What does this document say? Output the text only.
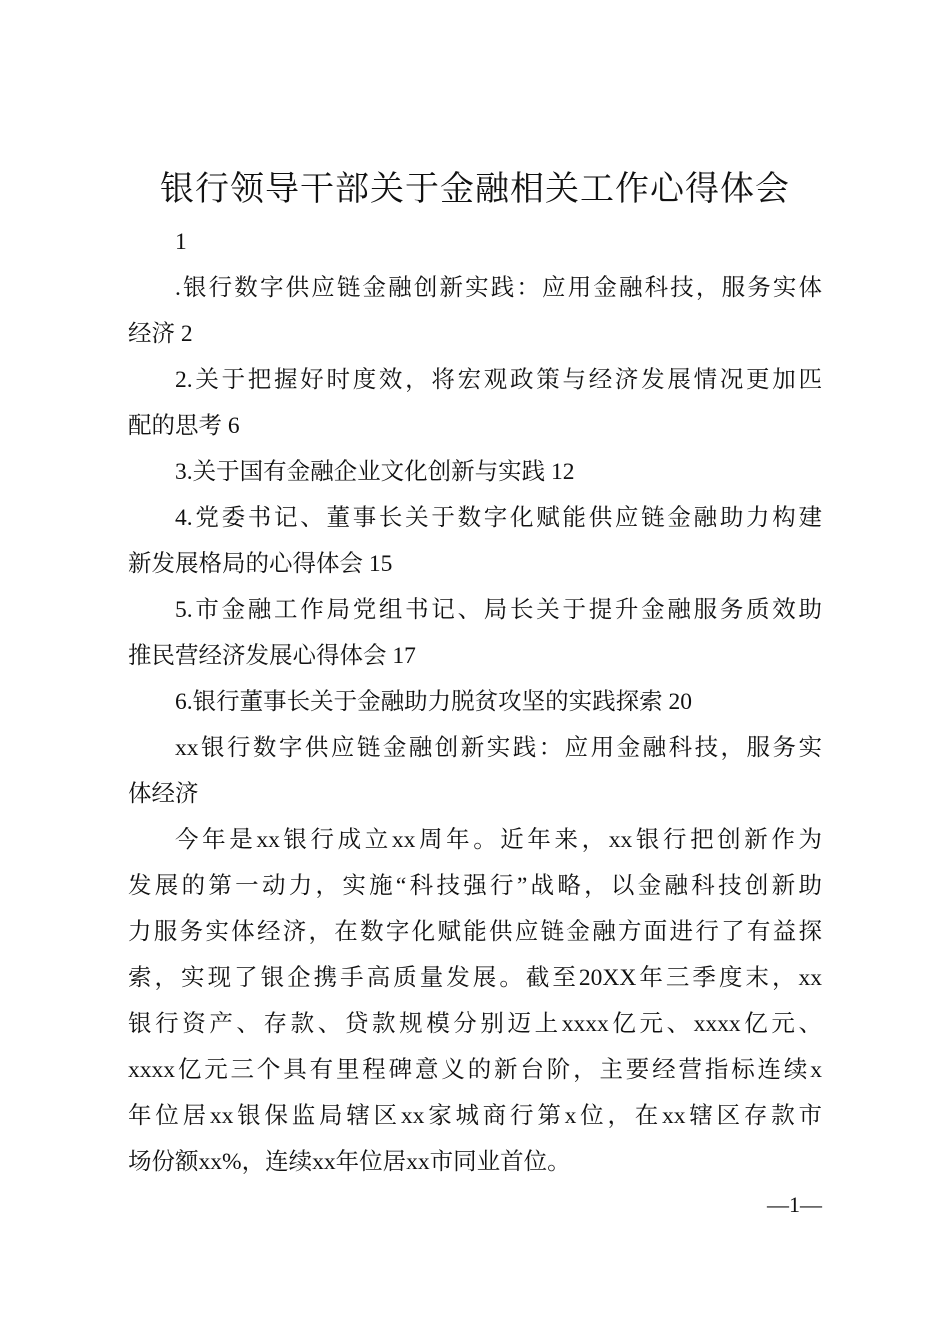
银行领导干部关于金融相关工作心得体会
1
.银行数字供应链金融创新实践：应用金融科技，服务实体
经济 2
2.关于把握好时度效，将宏观政策与经济发展情况更加匹
配的思考 6
3.关于国有金融企业文化创新与实践 12
4.党委书记、董事长关于数字化赋能供应链金融助力构建
新发展格局的心得体会 15
5.市金融工作局党组书记、局长关于提升金融服务质效助
推民营经济发展心得体会 17
6.银行董事长关于金融助力脱贫攻坚的实践探索 20
xx银行数字供应链金融创新实践：应用金融科技，服务实
体经济
今年是xx银行成立xx周年。近年来，xx银行把创新作为
发展的第一动力，实施“科技强行”战略，以金融科技创新助
力服务实体经济，在数字化赋能供应链金融方面进行了有益探
索，实现了银企携手高质量发展。截至20XX年三季度末，xx
银行资产、存款、贷款规模分别迈上xxxx亿元、xxxx亿元、
xxxx亿元三个具有里程碑意义的新台阶，主要经营指标连续x
年位居xx银保监局辖区xx家城商行第x位，在xx辖区存款市
场份额xx%，连续xx年位居xx市同业首位。
—1—
